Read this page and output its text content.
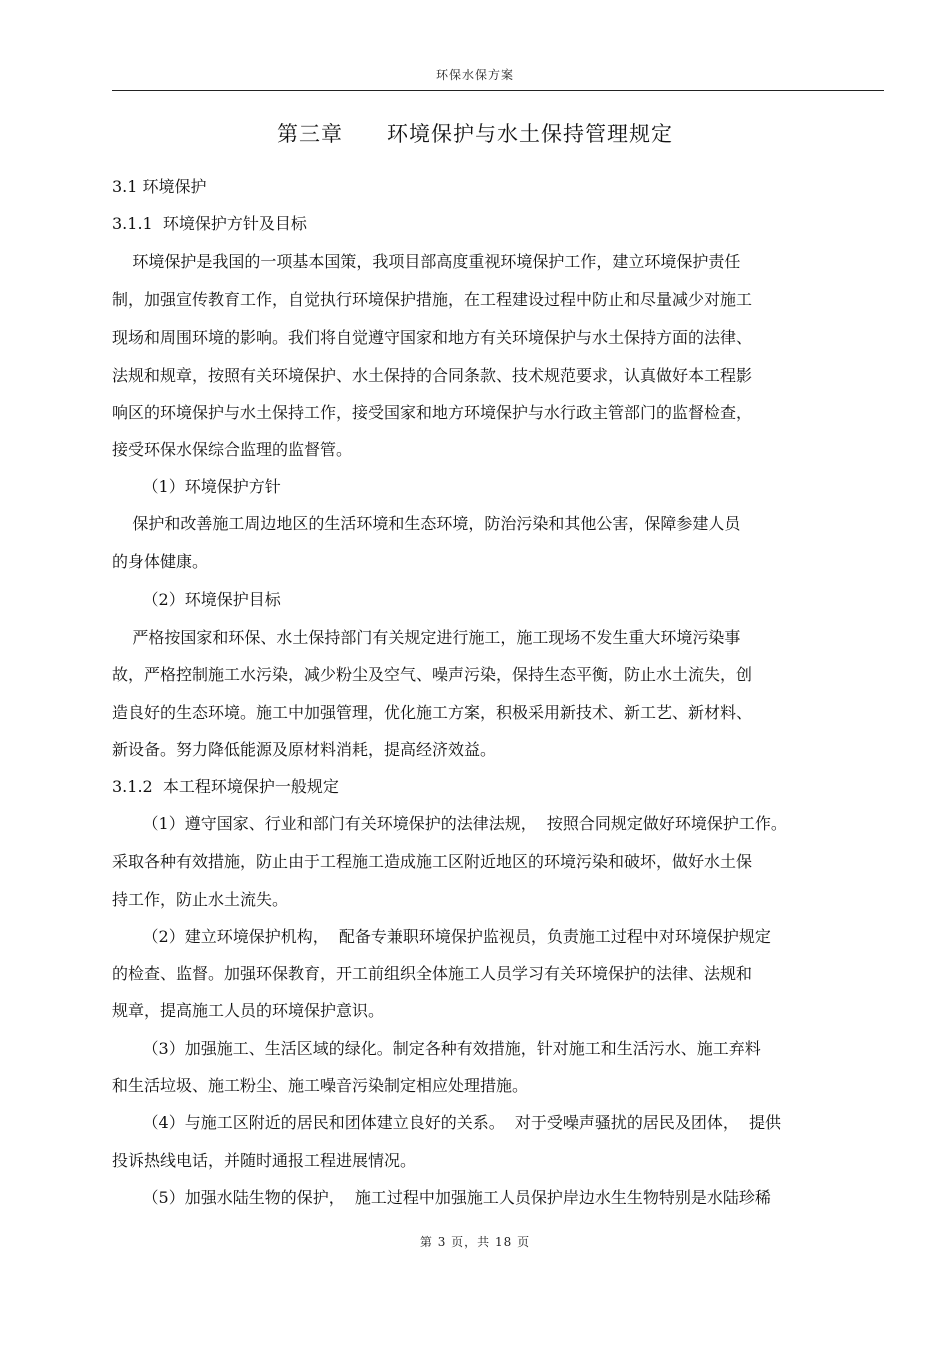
环保水保方案
第三章　　环境保护与水土保持管理规定
3.1 环境保护
3.1.1  环境保护方针及目标
环境保护是我国的一项基本国策，我项目部高度重视环境保护工作，建立环境保护责任
制，加强宣传教育工作，自觉执行环境保护措施，在工程建设过程中防止和尽量减少对施工
现场和周围环境的影响。我们将自觉遵守国家和地方有关环境保护与水土保持方面的法律、
法规和规章，按照有关环境保护、水土保持的合同条款、技术规范要求，认真做好本工程影
响区的环境保护与水土保持工作，接受国家和地方环境保护与水行政主管部门的监督检查，
接受环保水保综合监理的监督管。
（1）环境保护方针
保护和改善施工周边地区的生活环境和生态环境，防治污染和其他公害，保障参建人员
的身体健康。
（2）环境保护目标
严格按国家和环保、水土保持部门有关规定进行施工，施工现场不发生重大环境污染事
故，严格控制施工水污染，减少粉尘及空气、噪声污染，保持生态平衡，防止水土流失，创
造良好的生态环境。施工中加强管理，优化施工方案，积极采用新技术、新工艺、新材料、
新设备。努力降低能源及原材料消耗，提高经济效益。
3.1.2  本工程环境保护一般规定
（1）遵守国家、行业和部门有关环境保护的法律法规，  按照合同规定做好环境保护工作。
采取各种有效措施，防止由于工程施工造成施工区附近地区的环境污染和破坏，做好水土保
持工作，防止水土流失。
（2）建立环境保护机构，  配备专兼职环境保护监视员，负责施工过程中对环境保护规定
的检查、监督。加强环保教育，开工前组织全体施工人员学习有关环境保护的法律、法规和
规章，提高施工人员的环境保护意识。
（3）加强施工、生活区域的绿化。制定各种有效措施，针对施工和生活污水、施工弃料
和生活垃圾、施工粉尘、施工噪音污染制定相应处理措施。
（4）与施工区附近的居民和团体建立良好的关系。  对于受噪声骚扰的居民及团体，  提供
投诉热线电话，并随时通报工程进展情况。
（5）加强水陆生物的保护，  施工过程中加强施工人员保护岸边水生生物特别是水陆珍稀
第 3 页，共 18 页
